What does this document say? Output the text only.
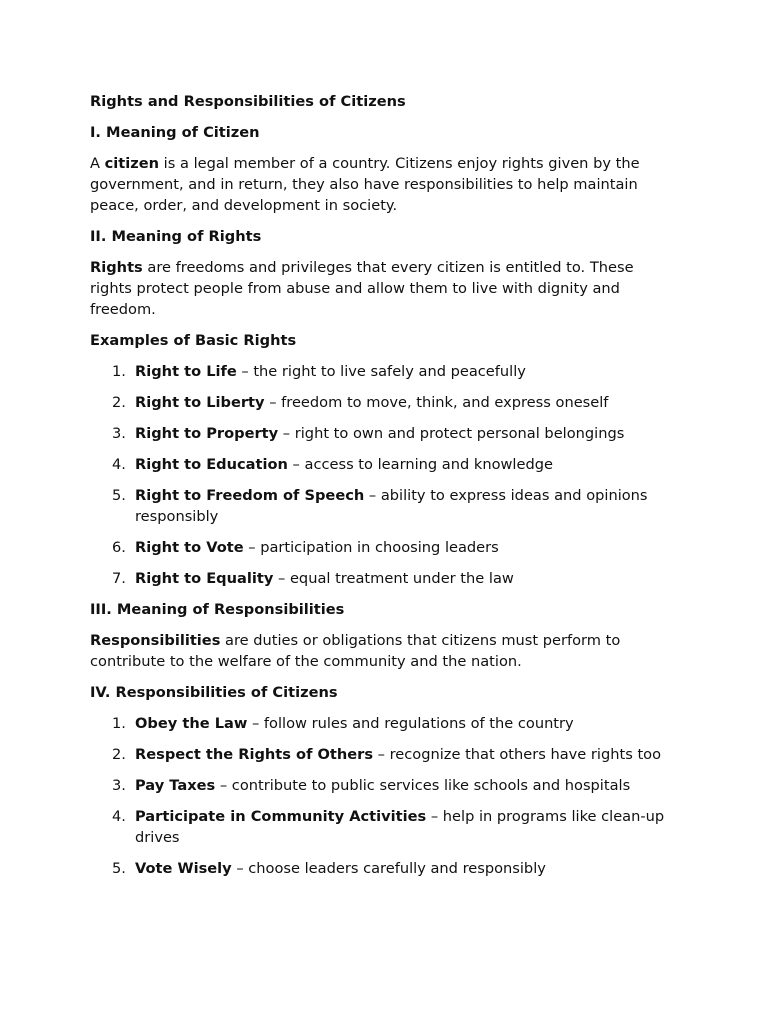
Rights and Responsibilities of Citizens
I. Meaning of Citizen
A citizen is a legal member of a country. Citizens enjoy rights given by the government, and in return, they also have responsibilities to help maintain peace, order, and development in society.
II. Meaning of Rights
Rights are freedoms and privileges that every citizen is entitled to. These rights protect people from abuse and allow them to live with dignity and freedom.
Examples of Basic Rights
1. Right to Life – the right to live safely and peacefully
2. Right to Liberty – freedom to move, think, and express oneself
3. Right to Property – right to own and protect personal belongings
4. Right to Education – access to learning and knowledge
5. Right to Freedom of Speech – ability to express ideas and opinions responsibly
6. Right to Vote – participation in choosing leaders
7. Right to Equality – equal treatment under the law
III. Meaning of Responsibilities
Responsibilities are duties or obligations that citizens must perform to contribute to the welfare of the community and the nation.
IV. Responsibilities of Citizens
1. Obey the Law – follow rules and regulations of the country
2. Respect the Rights of Others – recognize that others have rights too
3. Pay Taxes – contribute to public services like schools and hospitals
4. Participate in Community Activities – help in programs like clean-up drives
5. Vote Wisely – choose leaders carefully and responsibly
